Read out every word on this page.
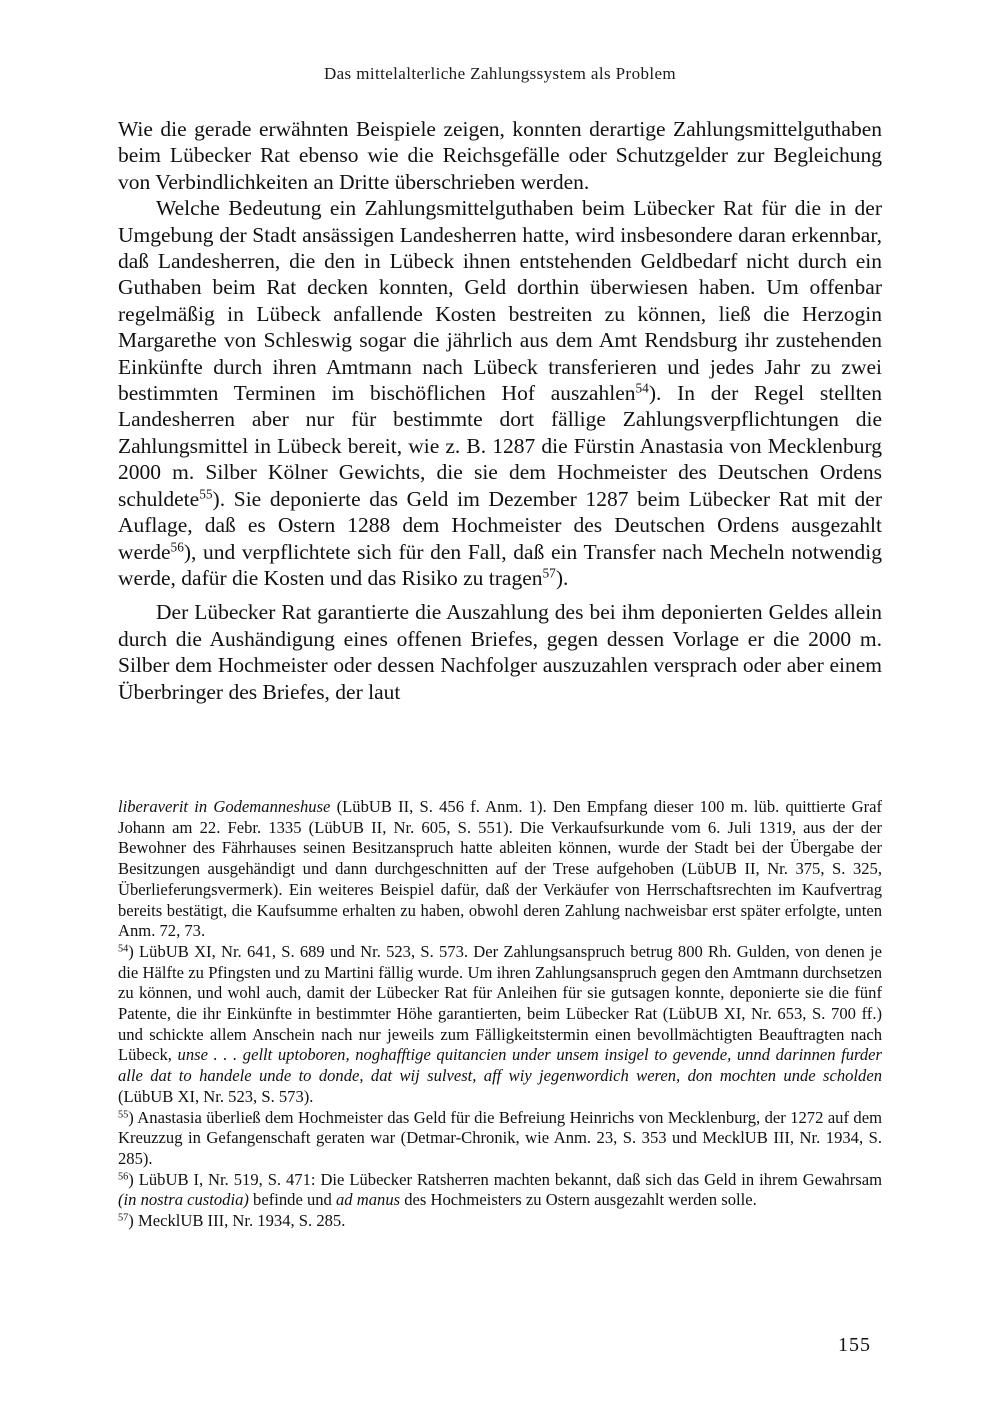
Das mittelalterliche Zahlungssystem als Problem

Wie die gerade erwähnten Beispiele zeigen, konnten derartige Zahlungsmittelguthaben beim Lübecker Rat ebenso wie die Reichsgefälle oder Schutzgelder zur Begleichung von Verbindlichkeiten an Dritte überschrieben werden.

Welche Bedeutung ein Zahlungsmittelguthaben beim Lübecker Rat für die in der Umgebung der Stadt ansässigen Landesherren hatte, wird insbesondere daran erkennbar, daß Landesherren, die den in Lübeck ihnen entstehenden Geldbedarf nicht durch ein Guthaben beim Rat decken konnten, Geld dorthin überwiesen haben. Um offenbar regelmäßig in Lübeck anfallende Kosten bestreiten zu können, ließ die Herzogin Margarethe von Schleswig sogar die jährlich aus dem Amt Rendsburg ihr zustehenden Einkünfte durch ihren Amtmann nach Lübeck transferieren und jedes Jahr zu zwei bestimmten Terminen im bischöflichen Hof auszahlen$^{54}$). In der Regel stellten Landesherren aber nur für bestimmte dort fällige Zahlungsverpflichtungen die Zahlungsmittel in Lübeck bereit, wie z. B. 1287 die Fürstin Anastasia von Mecklenburg 2000 m. Silber Kölner Gewichts, die sie dem Hochmeister des Deutschen Ordens schuldete$^{55}$). Sie deponierte das Geld im Dezember 1287 beim Lübecker Rat mit der Auflage, daß es Ostern 1288 dem Hochmeister des Deutschen Ordens ausgezahlt werde$^{56}$), und verpflichtete sich für den Fall, daß ein Transfer nach Mecheln notwendig werde, dafür die Kosten und das Risiko zu tragen$^{57}$).

Der Lübecker Rat garantierte die Auszahlung des bei ihm deponierten Geldes allein durch die Aushändigung eines offenen Briefes, gegen dessen Vorlage er die 2000 m. Silber dem Hochmeister oder dessen Nachfolger auszuzahlen versprach oder aber einem Überbringer des Briefes, der laut

liberaverit in Godemanneshuse (LübUB II, S. 456 f. Anm. 1). Den Empfang dieser 100 m. lüb. quittierte Graf Johann am 22. Febr. 1335 (LübUB II, Nr. 605, S. 551). Die Verkaufsurkunde vom 6. Juli 1319, aus der der Bewohner des Fährhauses seinen Besitzanspruch hatte ableiten können, wurde der Stadt bei der Übergabe der Besitzungen ausgehändigt und dann durchgeschnitten auf der Trese aufgehoben (LübUB II, Nr. 375, S. 325, Überlieferungsvermerk). Ein weiteres Beispiel dafür, daß der Verkäufer von Herrschaftsrechten im Kaufvertrag bereits bestätigt, die Kaufsumme erhalten zu haben, obwohl deren Zahlung nachweisbar erst später erfolgte, unten Anm. 72, 73.

$^{54}$) LübUB XI, Nr. 641, S. 689 und Nr. 523, S. 573. Der Zahlungsanspruch betrug 800 Rh. Gulden, von denen je die Hälfte zu Pfingsten und zu Martini fällig wurde. Um ihren Zahlungsanspruch gegen den Amtmann durchsetzen zu können, und wohl auch, damit der Lübecker Rat für Anleihen für sie gutsagen konnte, deponierte sie die fünf Patente, die ihr Einkünfte in bestimmter Höhe garantierten, beim Lübecker Rat (LübUB XI, Nr. 653, S. 700 ff.) und schickte allem Anschein nach nur jeweils zum Fälligkeitstermin einen bevollmächtigten Beauftragten nach Lübeck, unse . . . gellt uptoboren, noghafftige quitancien under unsem insigel to gevende, unnd darinnen furder alle dat to handele unde to donde, dat wij sulvest, aff wiy jegenwordich weren, don mochten unde scholden (LübUB XI, Nr. 523, S. 573).

$^{55}$) Anastasia überließ dem Hochmeister das Geld für die Befreiung Heinrichs von Mecklenburg, der 1272 auf dem Kreuzzug in Gefangenschaft geraten war (Detmar-Chronik, wie Anm. 23, S. 353 und MecklUB III, Nr. 1934, S. 285).

$^{56}$) LübUB I, Nr. 519, S. 471: Die Lübecker Ratsherren machten bekannt, daß sich das Geld in ihrem Gewahrsam (in nostra custodia) befinde und ad manus des Hochmeisters zu Ostern ausgezahlt werden solle.

$^{57}$) MecklUB III, Nr. 1934, S. 285.

155
